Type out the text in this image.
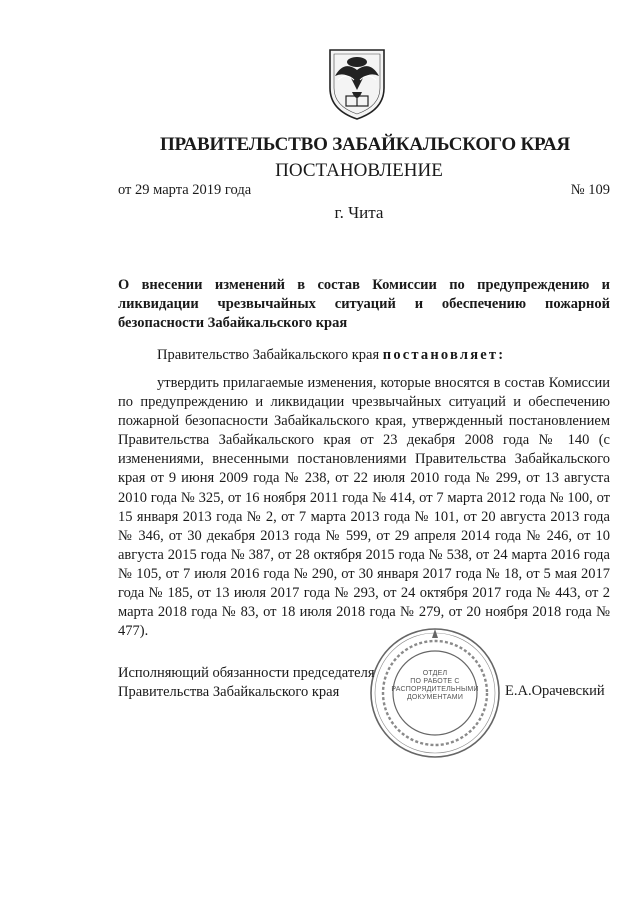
ПРАВИТЕЛЬСТВО ЗАБАЙКАЛЬСКОГО КРАЯ
ПОСТАНОВЛЕНИЕ
от 29 марта 2019 года	№ 109
г. Чита
О внесении изменений в состав Комиссии по предупреждению и ликвидации чрезвычайных ситуаций и обеспечению пожарной безопасности Забайкальского края
Правительство Забайкальского края постановляет:

утвердить прилагаемые изменения, которые вносятся в состав Комиссии по предупреждению и ликвидации чрезвычайных ситуаций и обеспечению пожарной безопасности Забайкальского края, утвержденный постановлением Правительства Забайкальского края от 23 декабря 2008 года № 140 (с изменениями, внесенными постановлениями Правительства Забайкальского края от 9 июня 2009 года № 238, от 22 июля 2010 года № 299, от 13 августа 2010 года № 325, от 16 ноября 2011 года № 414, от 7 марта 2012 года № 100, от 15 января 2013 года № 2, от 7 марта 2013 года № 101, от 20 августа 2013 года № 346, от 30 декабря 2013 года № 599, от 29 апреля 2014 года № 246, от 10 августа 2015 года № 387, от 28 октября 2015 года № 538, от 24 марта 2016 года № 105, от 7 июля 2016 года № 290, от 30 января 2017 года № 18, от 5 мая 2017 года № 185, от 13 июля 2017 года № 293, от 24 октября 2017 года № 443, от 2 марта 2018 года № 83, от 18 июля 2018 года № 279, от 20 ноября 2018 года № 477).

ОТДЕЛ
ПО РАБОТЕ С
РАСПОРЯДИТЕЛЬНЫМИ
ДОКУМЕНТАМИ
Исполняющий обязанности председателя
Правительства Забайкальского края	Е.А.Орачевский
